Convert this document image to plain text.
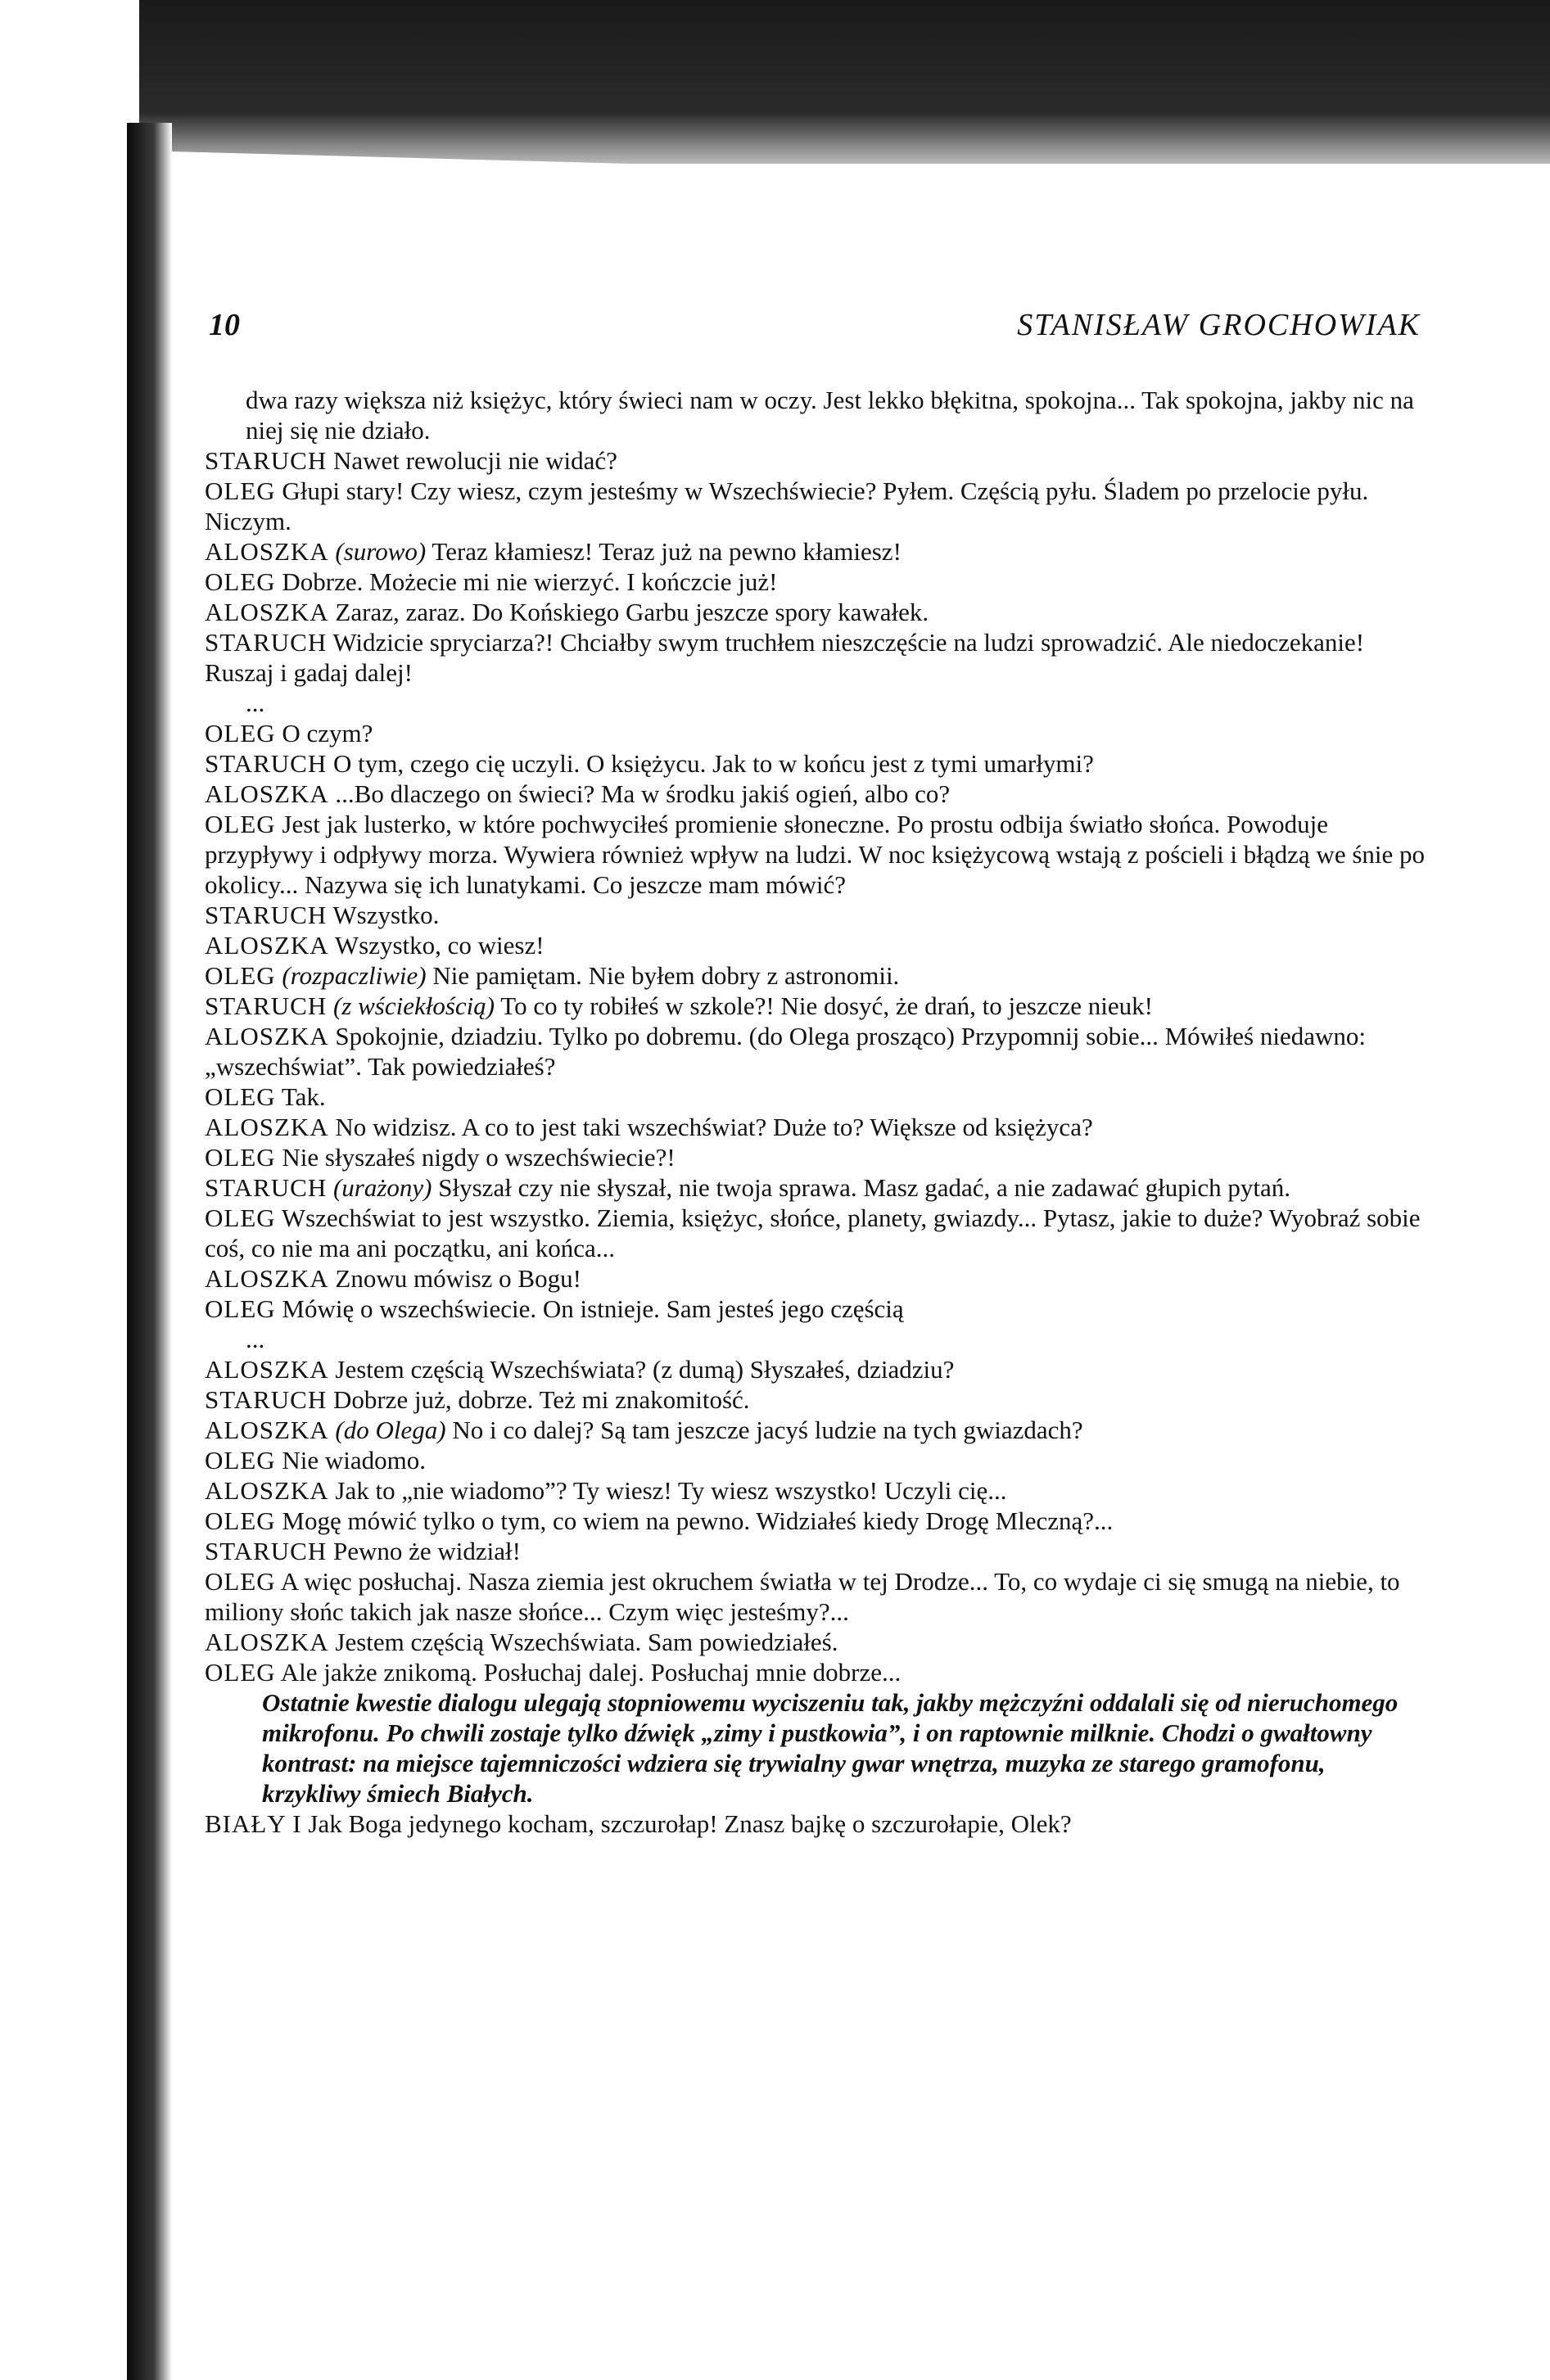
10	STANISŁAW GROCHOWIAK

dwa razy większa niż księżyc, który świeci nam w oczy. Jest lekko błękitna, spokojna... Tak spokojna, jakby nic na niej się nie działo.

STARUCH Nawet rewolucji nie widać?

OLEG Głupi stary! Czy wiesz, czym jesteśmy w Wszechświecie? Pyłem. Częścią pyłu. Śladem po przelocie pyłu. Niczym.

ALOSZKA (surowo) Teraz kłamiesz! Teraz już na pewno kłamiesz!

OLEG Dobrze. Możecie mi nie wierzyć. I kończcie już!

ALOSZKA Zaraz, zaraz. Do Końskiego Garbu jeszcze spory kawałek.

STARUCH Widzicie spryciarza?! Chciałby swym truchłem nieszczęście na ludzi sprowadzić. Ale niedoczekanie! Ruszaj i gadaj dalej!

...

OLEG O czym?

STARUCH O tym, czego cię uczyli. O księżycu. Jak to w końcu jest z tymi umarłymi?

ALOSZKA ...Bo dlaczego on świeci? Ma w środku jakiś ogień, albo co?

OLEG Jest jak lusterko, w które pochwyciłeś promienie słoneczne. Po prostu odbija światło słońca. Powoduje przypływy i odpływy morza. Wywiera również wpływ na ludzi. W noc księżycową wstają z pościeli i błądzą we śnie po okolicy... Nazywa się ich lunatykami. Co jeszcze mam mówić?

STARUCH Wszystko.

ALOSZKA Wszystko, co wiesz!

OLEG (rozpaczliwie) Nie pamiętam. Nie byłem dobry z astronomii.

STARUCH (z wściekłością) To co ty robiłeś w szkole?! Nie dosyć, że drań, to jeszcze nieuk!

ALOSZKA Spokojnie, dziadziu. Tylko po dobremu. (do Olega prosząco) Przypomnij sobie... Mówiłeś niedawno: „wszechświat”. Tak powiedziałeś?

OLEG Tak.

ALOSZKA No widzisz. A co to jest taki wszechświat? Duże to? Większe od księżyca?

OLEG Nie słyszałeś nigdy o wszechświecie?!

STARUCH (urażony) Słyszał czy nie słyszał, nie twoja sprawa. Masz gadać, a nie zadawać głupich pytań.

OLEG Wszechświat to jest wszystko. Ziemia, księżyc, słońce, planety, gwiazdy... Pytasz, jakie to duże? Wyobraź sobie coś, co nie ma ani początku, ani końca...

ALOSZKA Znowu mówisz o Bogu!

OLEG Mówię o wszechświecie. On istnieje. Sam jesteś jego częścią

...

ALOSZKA Jestem częścią Wszechświata? (z dumą) Słyszałeś, dziadziu?

STARUCH Dobrze już, dobrze. Też mi znakomitość.

ALOSZKA (do Olega) No i co dalej? Są tam jeszcze jacyś ludzie na tych gwiazdach?

OLEG Nie wiadomo.

ALOSZKA Jak to „nie wiadomo”? Ty wiesz! Ty wiesz wszystko! Uczyli cię...

OLEG Mogę mówić tylko o tym, co wiem na pewno. Widziałeś kiedy Drogę Mleczną?...

STARUCH Pewno że widział!

OLEG A więc posłuchaj. Nasza ziemia jest okruchem światła w tej Drodze... To, co wydaje ci się smugą na niebie, to miliony słońc takich jak nasze słońce... Czym więc jesteśmy?...

ALOSZKA Jestem częścią Wszechświata. Sam powiedziałeś.

OLEG Ale jakże znikomą. Posłuchaj dalej. Posłuchaj mnie dobrze...

Ostatnie kwestie dialogu ulegają stopniowemu wyciszeniu tak, jakby mężczyźni oddalali się od nieruchomego mikrofonu. Po chwili zostaje tylko dźwięk „zimy i pustkowia”, i on raptownie milknie. Chodzi o gwałtowny kontrast: na miejsce tajemniczości wdziera się trywialny gwar wnętrza, muzyka ze starego gramofonu, krzykliwy śmiech Białych.

BIAŁY I Jak Boga jedynego kocham, szczurołap! Znasz bajkę o szczurołapie, Olek?
